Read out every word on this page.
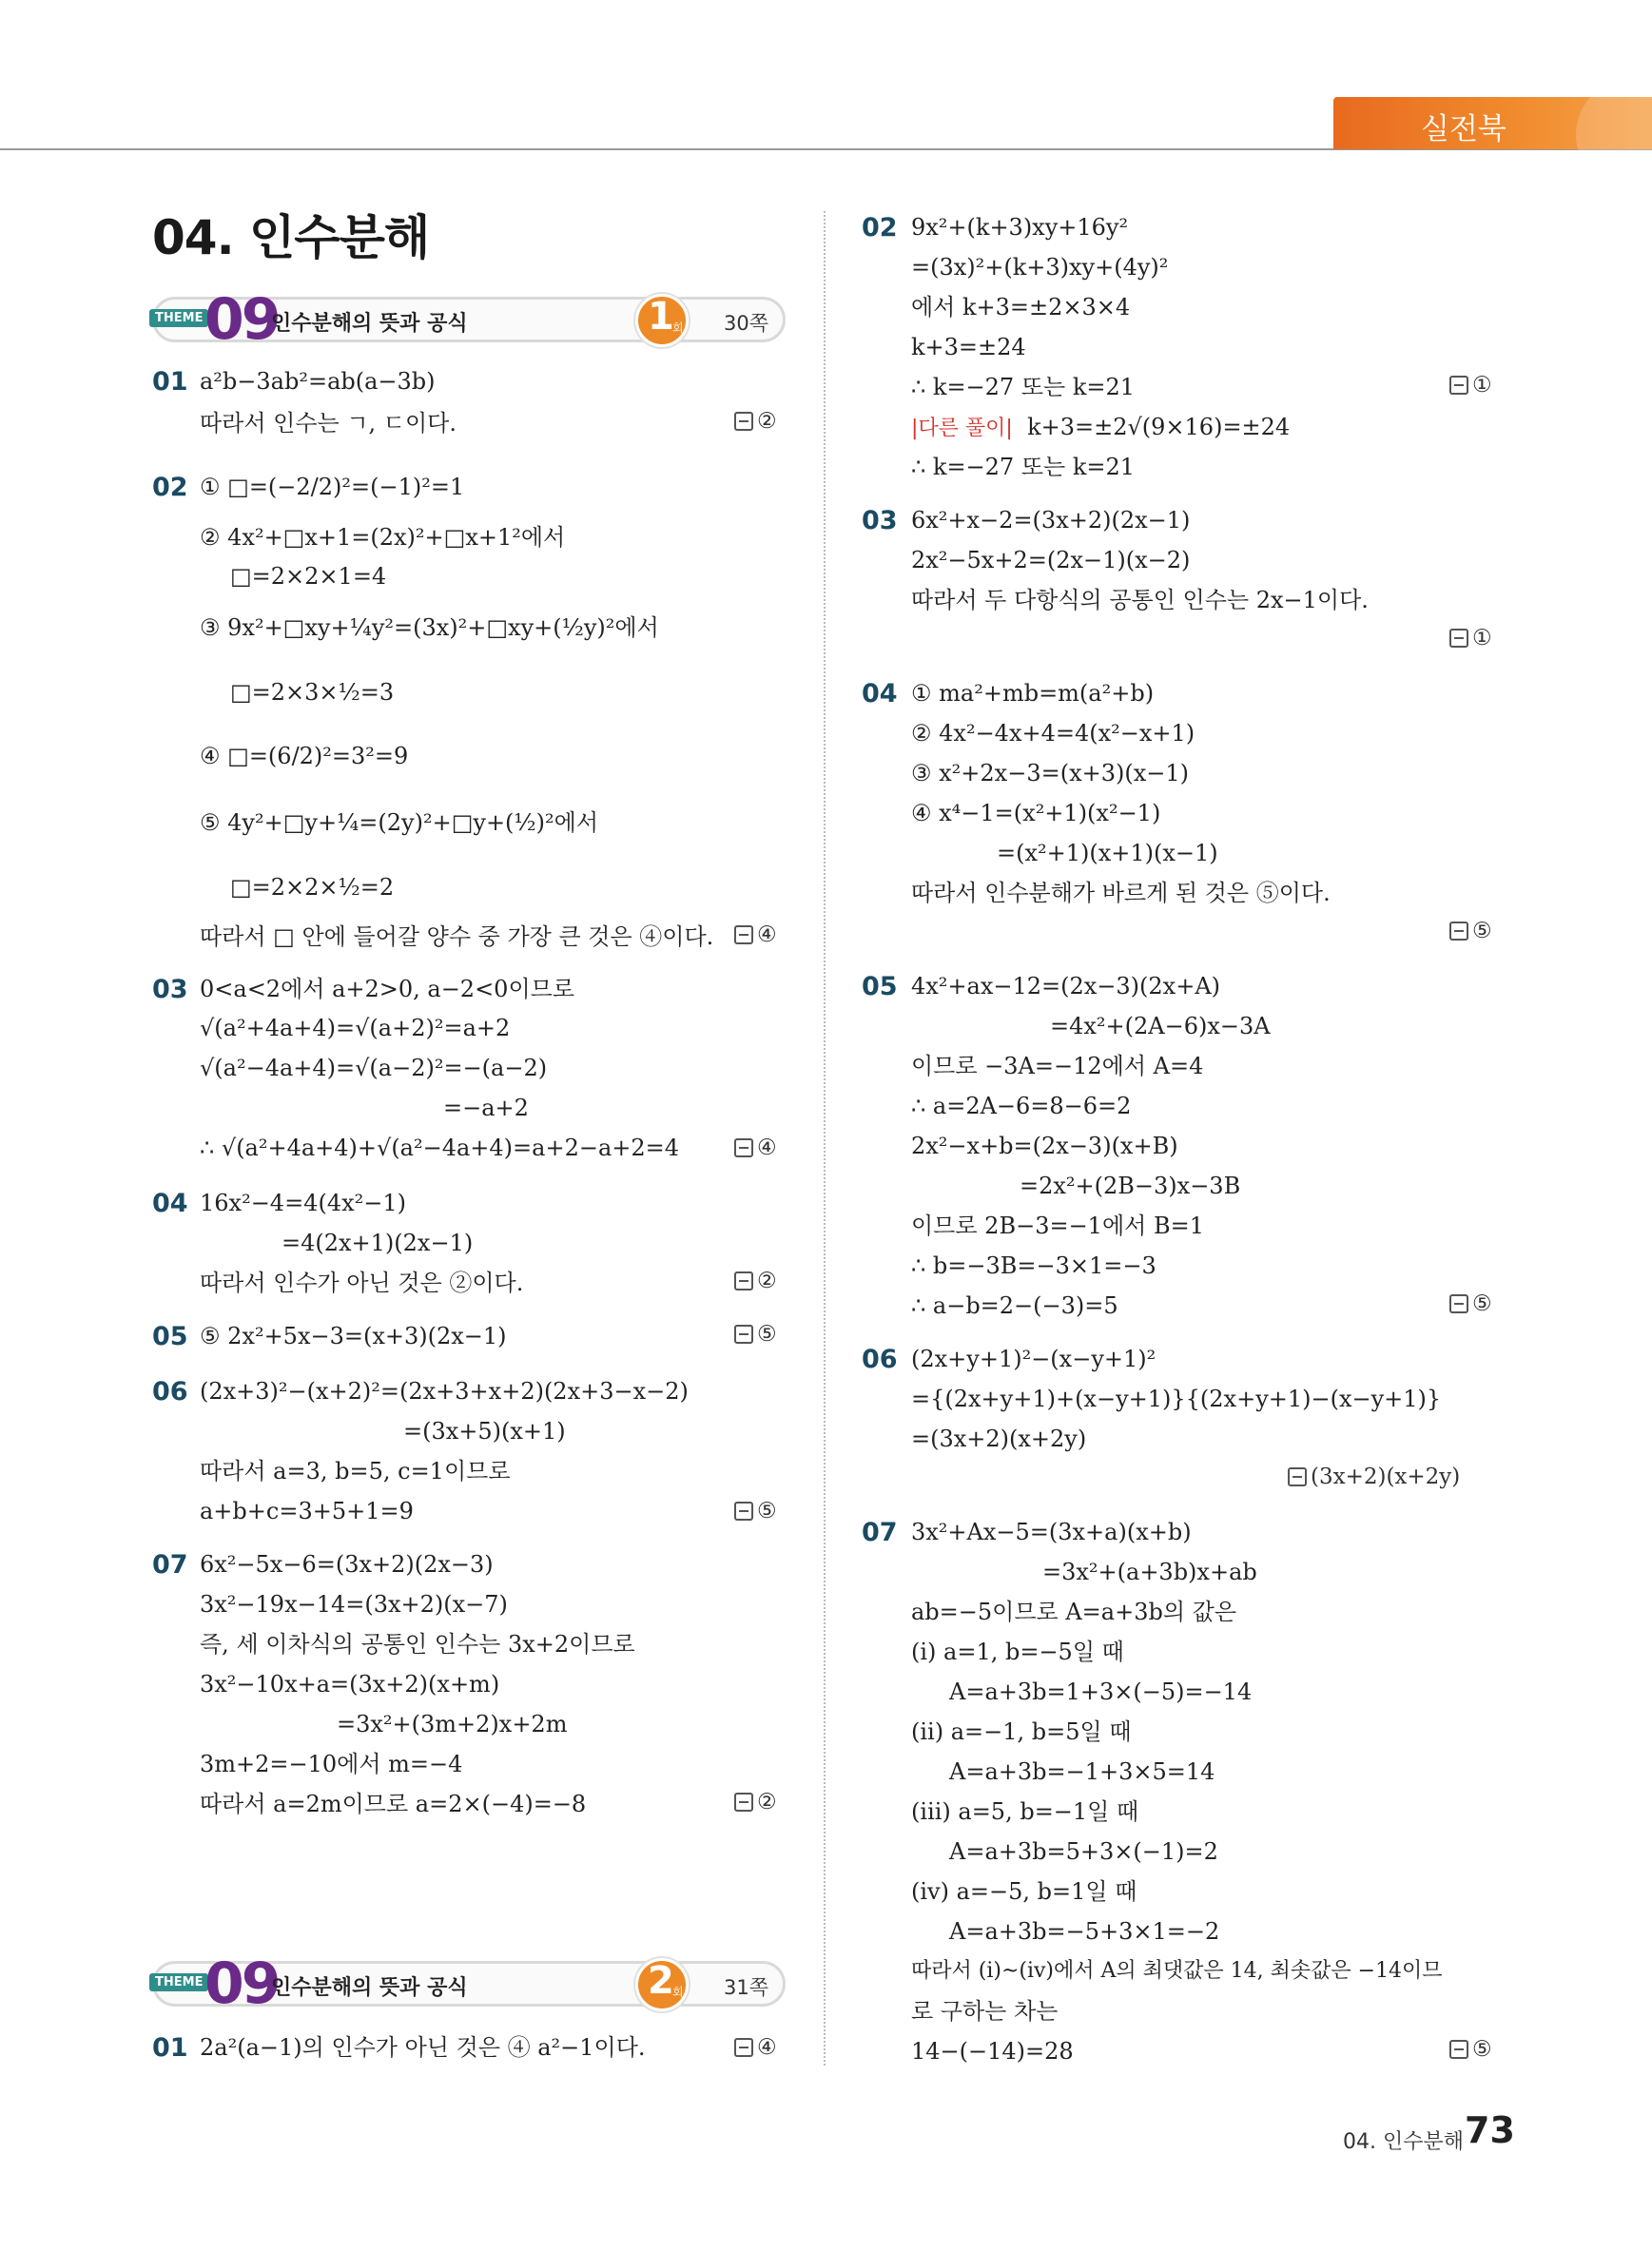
실전북
04. 인수분해
THEME 09
인수분해의 뜻과 공식	1
회 30쪽
01 a²b−3ab²=ab(a−3b)
따라서 인수는 ㄱ, ㄷ이다.	②
02 ① □=(−2/2)²=(−1)²=1
② 4x²+□x+1=(2x)²+□x+1²에서
□=2×2×1=4
③ 9x²+□xy+¼y²=(3x)²+□xy+(½y)²에서
□=2×3×½=3
④ □=(6/2)²=3²=9
⑤ 4y²+□y+¼=(2y)²+□y+(½)²에서
□=2×2×½=2
따라서 □ 안에 들어갈 양수 중 가장 큰 것은 ④이다.	④
03 0<a<2에서 a+2>0, a−2<0이므로
√(a²+4a+4)=√(a+2)²=a+2
√(a²−4a+4)=√(a−2)²=−(a−2)
=−a+2
∴ √(a²+4a+4)+√(a²−4a+4)=a+2−a+2=4	④
04 16x²−4=4(4x²−1)
=4(2x+1)(2x−1)
따라서 인수가 아닌 것은 ②이다.	②
05 ⑤ 2x²+5x−3=(x+3)(2x−1)	⑤
06 (2x+3)²−(x+2)²=(2x+3+x+2)(2x+3−x−2)
=(3x+5)(x+1)
따라서 a=3, b=5, c=1이므로
a+b+c=3+5+1=9	⑤
07 6x²−5x−6=(3x+2)(2x−3)
3x²−19x−14=(3x+2)(x−7)
즉, 세 이차식의 공통인 인수는 3x+2이므로
3x²−10x+a=(3x+2)(x+m)
=3x²+(3m+2)x+2m
3m+2=−10에서 m=−4
따라서 a=2m이므로 a=2×(−4)=−8	②
THEME 09
인수분해의 뜻과 공식	2
회 31쪽
01 2a²(a−1)의 인수가 아닌 것은 ④ a²−1이다.	④
02 9x²+(k+3)xy+16y²
=(3x)²+(k+3)xy+(4y)²
에서 k+3=±2×3×4
k+3=±24
∴ k=−27 또는 k=21	①
|다른 풀이| k+3=±2√(9×16)=±24
∴ k=−27 또는 k=21
03 6x²+x−2=(3x+2)(2x−1)
2x²−5x+2=(2x−1)(x−2)
따라서 두 다항식의 공통인 인수는 2x−1이다.
①
04 ① ma²+mb=m(a²+b)
② 4x²−4x+4=4(x²−x+1)
③ x²+2x−3=(x+3)(x−1)
④ x⁴−1=(x²+1)(x²−1)
=(x²+1)(x+1)(x−1)
따라서 인수분해가 바르게 된 것은 ⑤이다.
⑤
05 4x²+ax−12=(2x−3)(2x+A)
=4x²+(2A−6)x−3A
이므로 −3A=−12에서 A=4
∴ a=2A−6=8−6=2
2x²−x+b=(2x−3)(x+B)
=2x²+(2B−3)x−3B
이므로 2B−3=−1에서 B=1
∴ b=−3B=−3×1=−3
∴ a−b=2−(−3)=5	⑤
06 (2x+y+1)²−(x−y+1)²
={(2x+y+1)+(x−y+1)}{(2x+y+1)−(x−y+1)}
=(3x+2)(x+2y)
(3x+2)(x+2y)
07 3x²+Ax−5=(3x+a)(x+b)
=3x²+(a+3b)x+ab
ab=−5이므로 A=a+3b의 값은
(ⅰ) a=1, b=−5일 때
A=a+3b=1+3×(−5)=−14
(ⅱ) a=−1, b=5일 때
A=a+3b=−1+3×5=14
(ⅲ) a=5, b=−1일 때
A=a+3b=5+3×(−1)=2
(ⅳ) a=−5, b=1일 때
A=a+3b=−5+3×1=−2
따라서 (ⅰ)~(ⅳ)에서 A의 최댓값은 14, 최솟값은 −14이므
로 구하는 차는
14−(−14)=28	⑤
04. 인수분해 73
